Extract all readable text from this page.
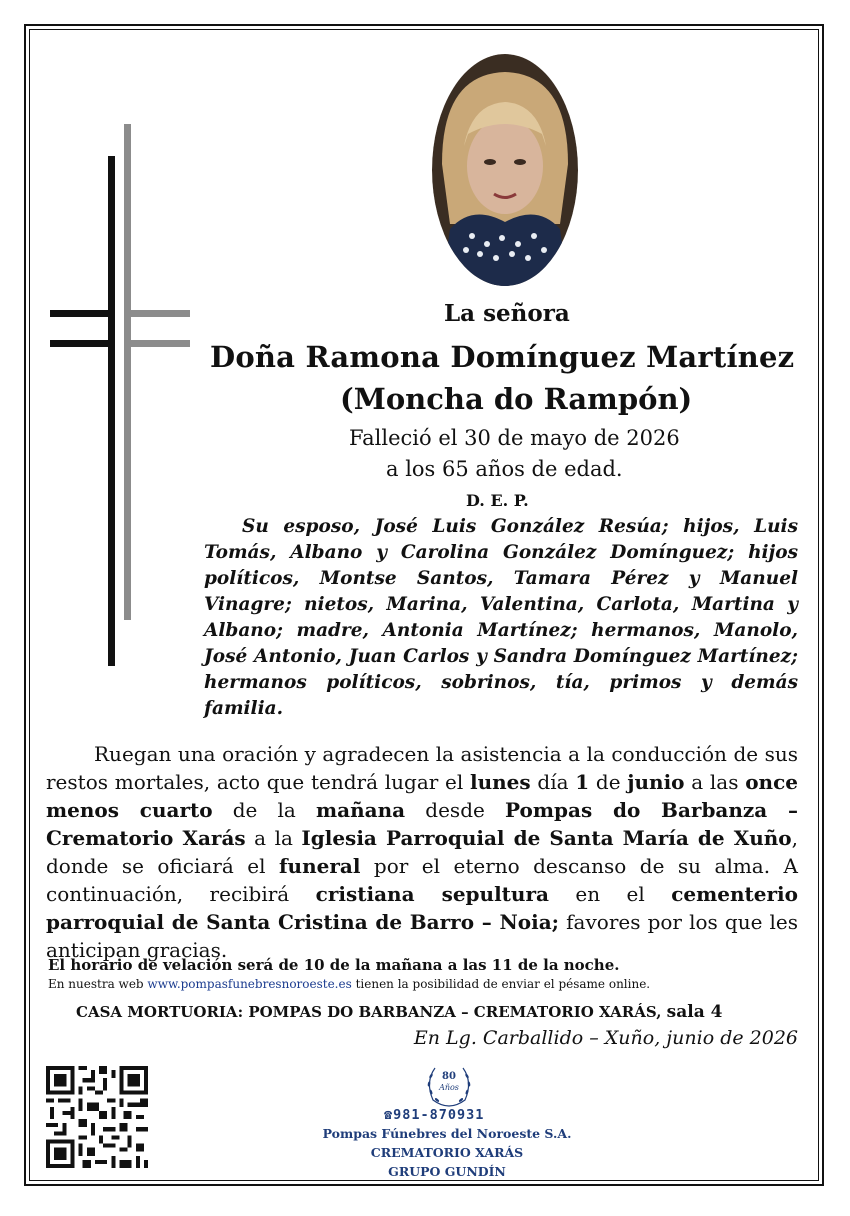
La señora
Doña Ramona Domínguez Martínez
(Moncha do Rampón)
Falleció el 30 de mayo de 2026
a los 65 años de edad.
D. E. P.
Su esposo, José Luis González Resúa; hijos, Luis Tomás, Albano y Carolina González Domínguez; hijos políticos, Montse Santos, Tamara Pérez y Manuel Vinagre; nietos, Marina, Valentina, Carlota, Martina y Albano; madre, Antonia Martínez; hermanos, Manolo, José Antonio, Juan Carlos y Sandra Domínguez Martínez; hermanos políticos, sobrinos, tía, primos y demás familia.
Ruegan una oración y agradecen la asistencia a la conducción de sus restos mortales, acto que tendrá lugar el lunes día 1 de junio a las once menos cuarto de la mañana desde Pompas do Barbanza – Crematorio Xarás a la Iglesia Parroquial de Santa María de Xuño, donde se oficiará el funeral por el eterno descanso de su alma. A continuación, recibirá cristiana sepultura en el cementerio parroquial de Santa Cristina de Barro – Noia; favores por los que les anticipan gracias.
El horario de velación será de 10 de la mañana a las 11 de la noche.
En nuestra web www.pompasfunebresnoroeste.es tienen la posibilidad de enviar el pésame online.
CASA MORTUORIA: POMPAS DO BARBANZA – CREMATORIO XARÁS, sala 4
En Lg. Carballido – Xuño, junio de 2026
80
Años
☎981-870931
Pompas Fúnebres del Noroeste S.A.
CREMATORIO XARÁS
GRUPO GUNDÍN
